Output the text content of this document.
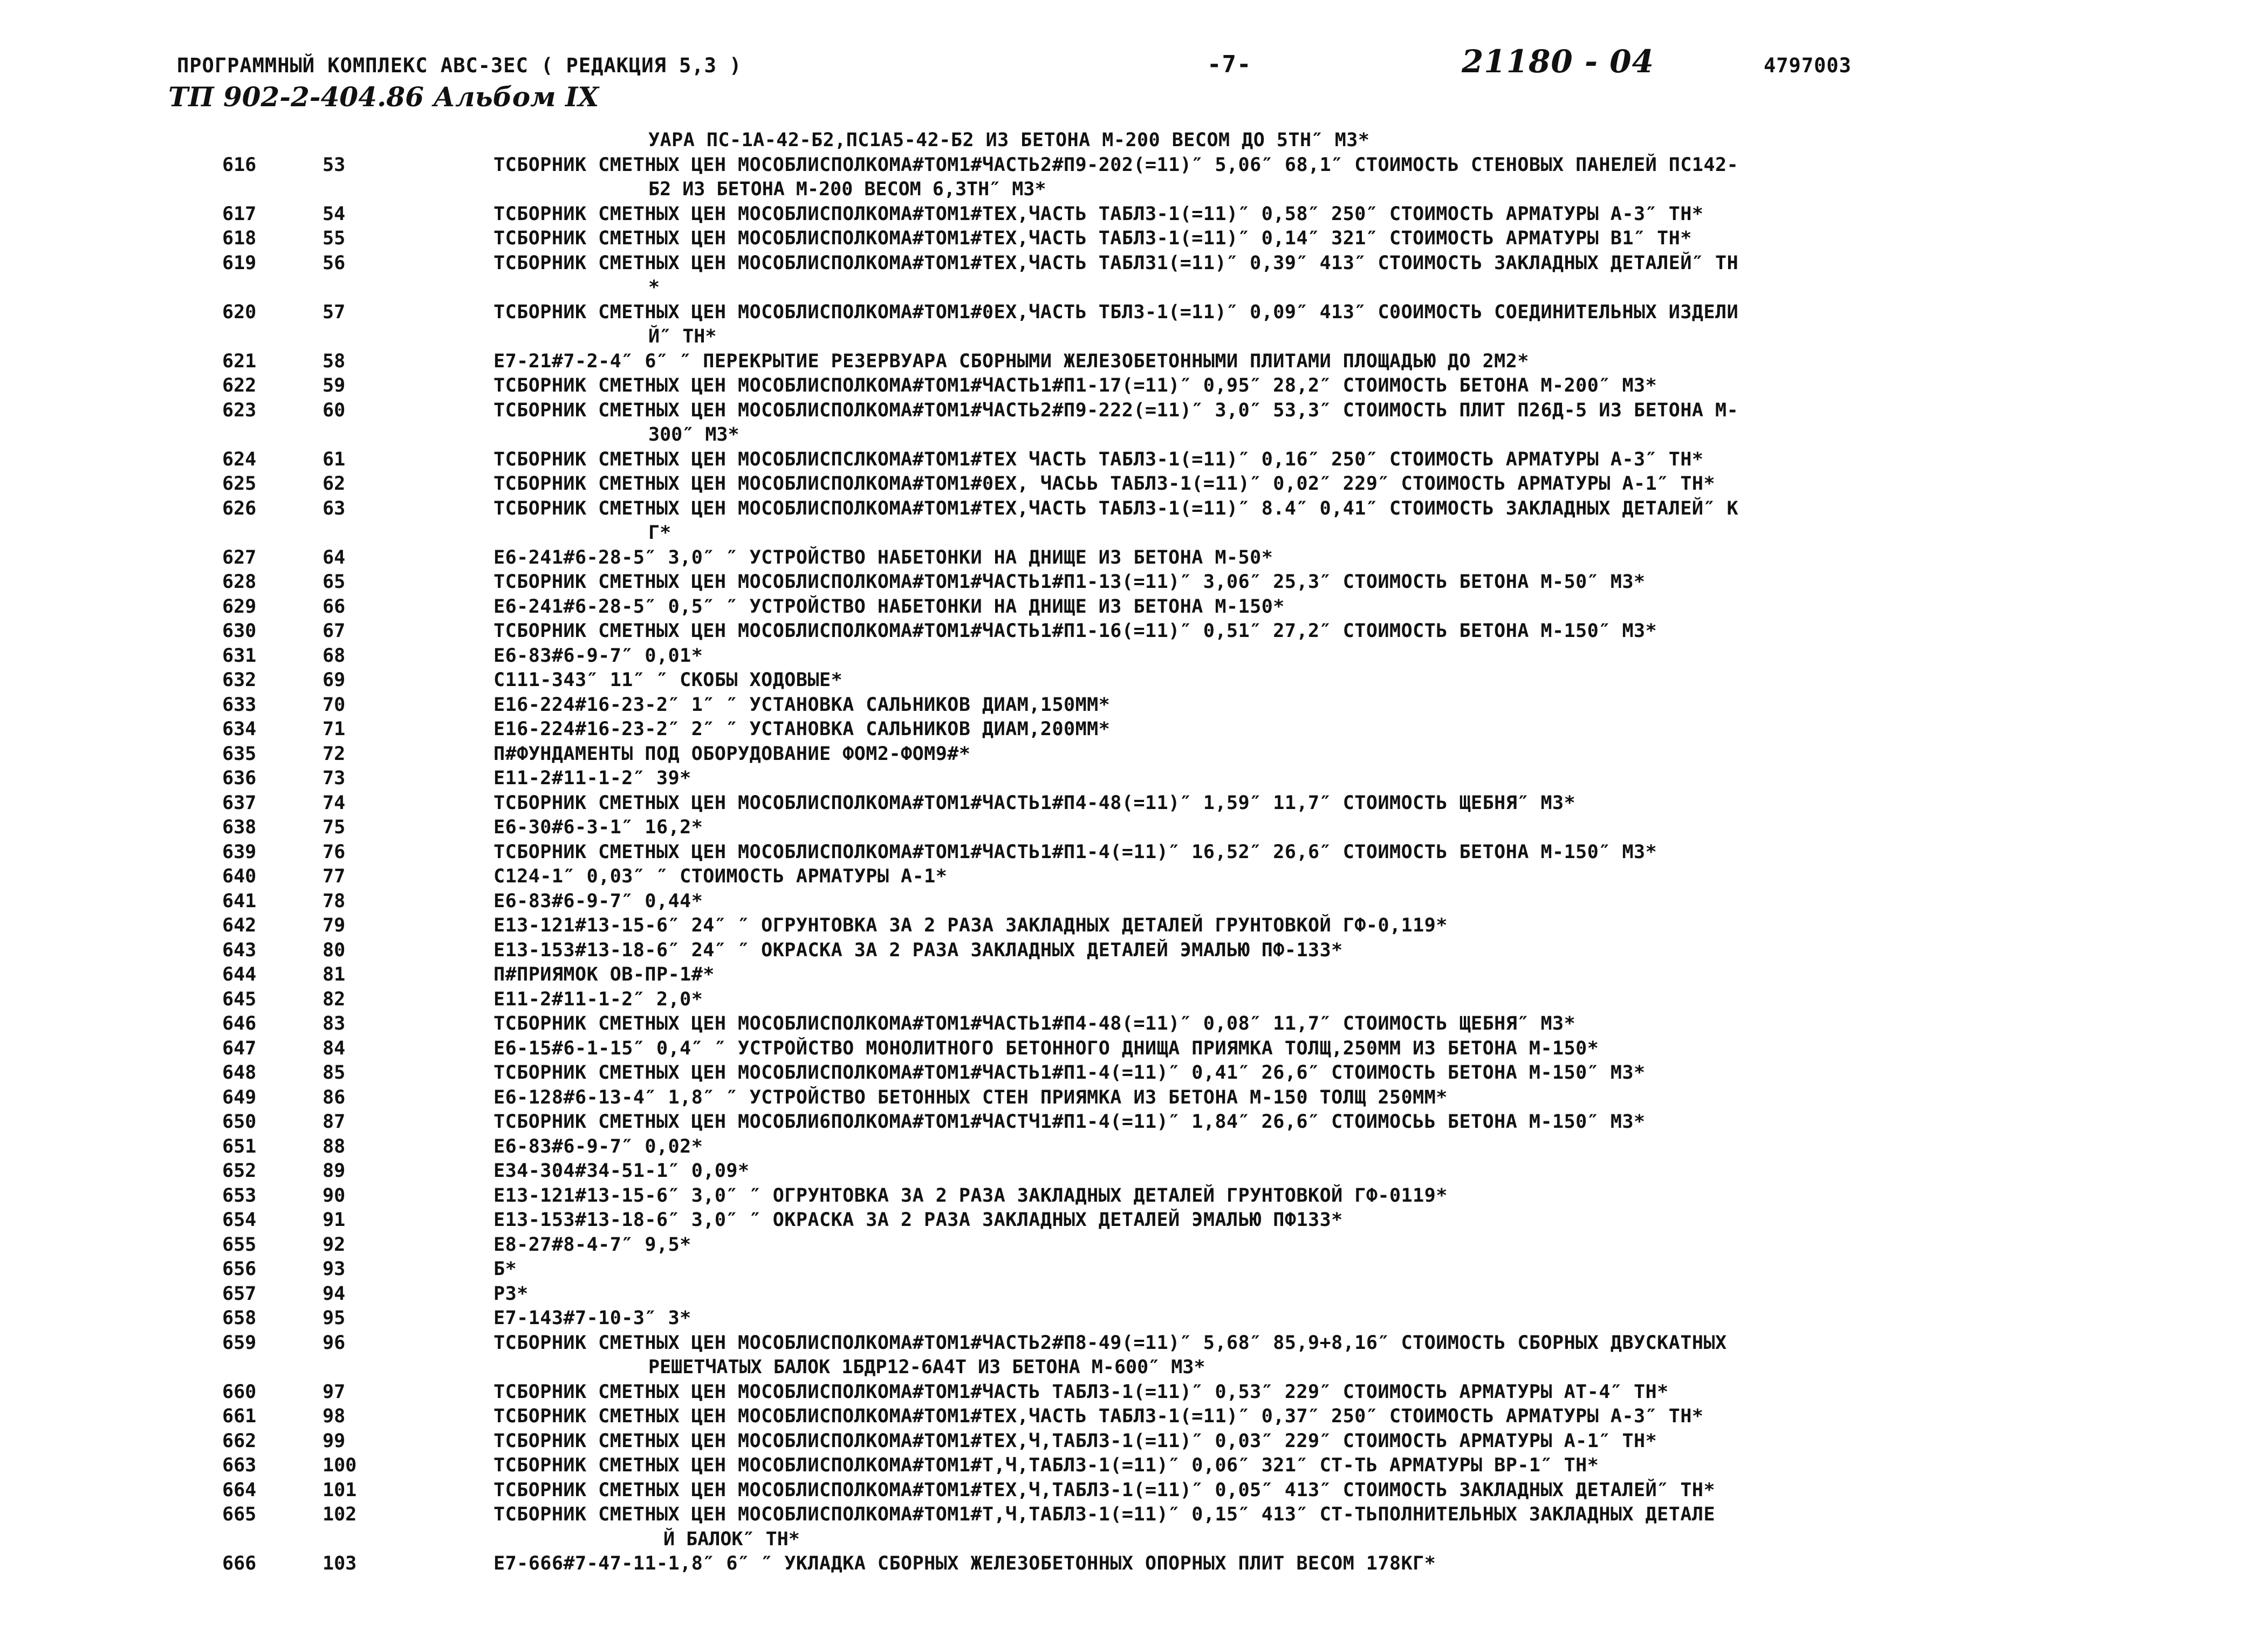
ПРОГРАММНЫЙ КОМПЛЕКС АВС-ЗЕС ( РЕДАКЦИЯ 5,3 )	-7-	21180 - 04	4797003
ТП 902-2-404.86 Альбом IX
УАРА ПС-1А-42-Б2,ПС1А5-42-Б2 ИЗ БЕТОНА М-200 ВЕСОМ ДО 5ТН″ М3*
616	53	ТСБОРНИК СМЕТНЫХ ЦЕН МОСОБЛИСПОЛКОМА#ТОМ1#ЧАСТЬ2#П9-202(=11)″ 5,06″ 68,1″ СТОИМОСТЬ СТЕНОВЫХ ПАНЕЛЕЙ ПС142-
Б2 ИЗ БЕТОНА М-200 ВЕСОМ 6,3ТН″ М3*
617	54	ТСБОРНИК СМЕТНЫХ ЦЕН МОСОБЛИСПОЛКОМА#ТОМ1#ТЕХ,ЧАСТЬ ТАБЛ3-1(=11)″ 0,58″ 250″ СТОИМОСТЬ АРМАТУРЫ А-3″ ТН*
618	55	ТСБОРНИК СМЕТНЫХ ЦЕН МОСОБЛИСПОЛКОМА#ТОМ1#ТЕХ,ЧАСТЬ ТАБЛ3-1(=11)″ 0,14″ 321″ СТОИМОСТЬ АРМАТУРЫ В1″ ТН*
619	56	ТСБОРНИК СМЕТНЫХ ЦЕН МОСОБЛИСПОЛКОМА#ТОМ1#ТЕХ,ЧАСТЬ ТАБЛ31(=11)″ 0,39″ 413″ СТОИМОСТЬ ЗАКЛАДНЫХ ДЕТАЛЕЙ″ ТН
*
620	57	ТСБОРНИК СМЕТНЫХ ЦЕН МОСОБЛИСПОЛКОМА#ТОМ1#0ЕХ,ЧАСТЬ ТБЛ3-1(=11)″ 0,09″ 413″ С0ОИМОСТЬ СОЕДИНИТЕЛЬНЫХ ИЗДЕЛИ
Й″ ТН*
621	58	Е7-21#7-2-4″ 6″ ″ ПЕРЕКРЫТИЕ РЕЗЕРВУАРА СБОРНЫМИ ЖЕЛЕЗОБЕТОННЫМИ ПЛИТАМИ ПЛОЩАДЬЮ ДО 2М2*
622	59	ТСБОРНИК СМЕТНЫХ ЦЕН МОСОБЛИСПОЛКОМА#ТОМ1#ЧАСТЬ1#П1-17(=11)″ 0,95″ 28,2″ СТОИМОСТЬ БЕТОНА М-200″ М3*
623	60	ТСБОРНИК СМЕТНЫХ ЦЕН МОСОБЛИСПОЛКОМА#ТОМ1#ЧАСТЬ2#П9-222(=11)″ 3,0″ 53,3″ СТОИМОСТЬ ПЛИТ П26Д-5 ИЗ БЕТОНА М-
300″ М3*
624	61	ТСБОРНИК СМЕТНЫХ ЦЕН МОСОБЛИСПСЛКОМА#ТОМ1#ТЕХ ЧАСТЬ ТАБЛ3-1(=11)″ 0,16″ 250″ СТОИМОСТЬ АРМАТУРЫ А-3″ ТН*
625	62	ТСБОРНИК СМЕТНЫХ ЦЕН МОСОБЛИСПОЛКОМА#ТОМ1#0ЕХ, ЧАСЬЬ ТАБЛ3-1(=11)″ 0,02″ 229″ СТОИМОСТЬ АРМАТУРЫ А-1″ ТН*
626	63	ТСБОРНИК СМЕТНЫХ ЦЕН МОСОБЛИСПОЛКОМА#ТОМ1#ТЕХ,ЧАСТЬ ТАБЛ3-1(=11)″ 8.4″ 0,41″ СТОИМОСТЬ ЗАКЛАДНЫХ ДЕТАЛЕЙ″ К
Г*
627	64	Е6-241#6-28-5″ 3,0″ ″ УСТРОЙСТВО НАБЕТОНКИ НА ДНИЩЕ ИЗ БЕТОНА М-50*
628	65	ТСБОРНИК СМЕТНЫХ ЦЕН МОСОБЛИСПОЛКОМА#ТОМ1#ЧАСТЬ1#П1-13(=11)″ 3,06″ 25,3″ СТОИМОСТЬ БЕТОНА М-50″ М3*
629	66	Е6-241#6-28-5″ 0,5″ ″ УСТРОЙСТВО НАБЕТОНКИ НА ДНИЩЕ ИЗ БЕТОНА М-150*
630	67	ТСБОРНИК СМЕТНЫХ ЦЕН МОСОБЛИСПОЛКОМА#ТОМ1#ЧАСТЬ1#П1-16(=11)″ 0,51″ 27,2″ СТОИМОСТЬ БЕТОНА М-150″ М3*
631	68	Е6-83#6-9-7″ 0,01*
632	69	С111-343″ 11″ ″ СКОБЫ ХОДОВЫЕ*
633	70	Е16-224#16-23-2″ 1″ ″ УСТАНОВКА САЛЬНИКОВ ДИАМ,150ММ*
634	71	Е16-224#16-23-2″ 2″ ″ УСТАНОВКА САЛЬНИКОВ ДИАМ,200ММ*
635	72	П#ФУНДАМЕНТЫ ПОД ОБОРУДОВАНИЕ ФОМ2-ФОМ9#*
636	73	Е11-2#11-1-2″ 39*
637	74	ТСБОРНИК СМЕТНЫХ ЦЕН МОСОБЛИСПОЛКОМА#ТОМ1#ЧАСТЬ1#П4-48(=11)″ 1,59″ 11,7″ СТОИМОСТЬ ЩЕБНЯ″ М3*
638	75	Е6-30#6-3-1″ 16,2*
639	76	ТСБОРНИК СМЕТНЫХ ЦЕН МОСОБЛИСПОЛКОМА#ТОМ1#ЧАСТЬ1#П1-4(=11)″ 16,52″ 26,6″ СТОИМОСТЬ БЕТОНА М-150″ М3*
640	77	С124-1″ 0,03″ ″ СТОИМОСТЬ АРМАТУРЫ А-1*
641	78	Е6-83#6-9-7″ 0,44*
642	79	Е13-121#13-15-6″ 24″ ″ ОГРУНТОВКА ЗА 2 РАЗА ЗАКЛАДНЫХ ДЕТАЛЕЙ ГРУНТОВКОЙ ГФ-0,119*
643	80	Е13-153#13-18-6″ 24″ ″ ОКРАСКА ЗА 2 РАЗА ЗАКЛАДНЫХ ДЕТАЛЕЙ ЭМАЛЬЮ ПФ-133*
644	81	П#ПРИЯМОК ОВ-ПР-1#*
645	82	Е11-2#11-1-2″ 2,0*
646	83	ТСБОРНИК СМЕТНЫХ ЦЕН МОСОБЛИСПОЛКОМА#ТОМ1#ЧАСТЬ1#П4-48(=11)″ 0,08″ 11,7″ СТОИМОСТЬ ЩЕБНЯ″ М3*
647	84	Е6-15#6-1-15″ 0,4″ ″ УСТРОЙСТВО МОНОЛИТНОГО БЕТОННОГО ДНИЩА ПРИЯМКА ТОЛЩ,250ММ ИЗ БЕТОНА М-150*
648	85	ТСБОРНИК СМЕТНЫХ ЦЕН МОСОБЛИСПОЛКОМА#ТОМ1#ЧАСТЬ1#П1-4(=11)″ 0,41″ 26,6″ СТОИМОСТЬ БЕТОНА М-150″ М3*
649	86	Е6-128#6-13-4″ 1,8″ ″ УСТРОЙСТВО БЕТОННЫХ СТЕН ПРИЯМКА ИЗ БЕТОНА М-150 ТОЛЩ 250ММ*
650	87	ТСБОРНИК СМЕТНЫХ ЦЕН МОСОБЛИ6ПОЛКОМА#ТОМ1#ЧАСТЧ1#П1-4(=11)″ 1,84″ 26,6″ СТОИМОСЬЬ БЕТОНА М-150″ М3*
651	88	Е6-83#6-9-7″ 0,02*
652	89	Е34-304#34-51-1″ 0,09*
653	90	Е13-121#13-15-6″ 3,0″ ″ ОГРУНТОВКА ЗА 2 РАЗА ЗАКЛАДНЫХ ДЕТАЛЕЙ ГРУНТОВКОЙ ГФ-0119*
654	91	Е13-153#13-18-6″ 3,0″ ″ ОКРАСКА ЗА 2 РАЗА ЗАКЛАДНЫХ ДЕТАЛЕЙ ЭМАЛЬЮ ПФ133*
655	92	Е8-27#8-4-7″ 9,5*
656	93	Б*
657	94	Р3*
658	95	Е7-143#7-10-3″ 3*
659	96	ТСБОРНИК СМЕТНЫХ ЦЕН МОСОБЛИСПОЛКОМА#ТОМ1#ЧАСТЬ2#П8-49(=11)″ 5,68″ 85,9+8,16″ СТОИМОСТЬ СБОРНЫХ ДВУСКАТНЫХ
РЕШЕТЧАТЫХ БАЛОК 1БДР12-6А4Т ИЗ БЕТОНА М-600″ М3*
660	97	ТСБОРНИК СМЕТНЫХ ЦЕН МОСОБЛИСПОЛКОМА#ТОМ1#ЧАСТЬ ТАБЛ3-1(=11)″ 0,53″ 229″ СТОИМОСТЬ АРМАТУРЫ АТ-4″ ТН*
661	98	ТСБОРНИК СМЕТНЫХ ЦЕН МОСОБЛИСПОЛКОМА#ТОМ1#ТЕХ,ЧАСТЬ ТАБЛ3-1(=11)″ 0,37″ 250″ СТОИМОСТЬ АРМАТУРЫ А-3″ ТН*
662	99	ТСБОРНИК СМЕТНЫХ ЦЕН МОСОБЛИСПОЛКОМА#ТОМ1#ТЕХ,Ч,ТАБЛ3-1(=11)″ 0,03″ 229″ СТОИМОСТЬ АРМАТУРЫ А-1″ ТН*
663	100	ТСБОРНИК СМЕТНЫХ ЦЕН МОСОБЛИСПОЛКОМА#ТОМ1#Т,Ч,ТАБЛ3-1(=11)″ 0,06″ 321″ СТ-ТЬ АРМАТУРЫ ВР-1″ ТН*
664	101	ТСБОРНИК СМЕТНЫХ ЦЕН МОСОБЛИСПОЛКОМА#ТОМ1#ТЕХ,Ч,ТАБЛ3-1(=11)″ 0,05″ 413″ СТОИМОСТЬ ЗАКЛАДНЫХ ДЕТАЛЕЙ″ ТН*
665	102	ТСБОРНИК СМЕТНЫХ ЦЕН МОСОБЛИСПОЛКОМА#ТОМ1#Т,Ч,ТАБЛ3-1(=11)″ 0,15″ 413″ СТ-ТЬПОЛНИТЕЛЬНЫХ ЗАКЛАДНЫХ ДЕТАЛЕ
Й БАЛОК″ ТН*
666	103	Е7-666#7-47-11-1,8″ 6″ ″ УКЛАДКА СБОРНЫХ ЖЕЛЕЗОБЕТОННЫХ ОПОРНЫХ ПЛИТ ВЕСОМ 178КГ*
